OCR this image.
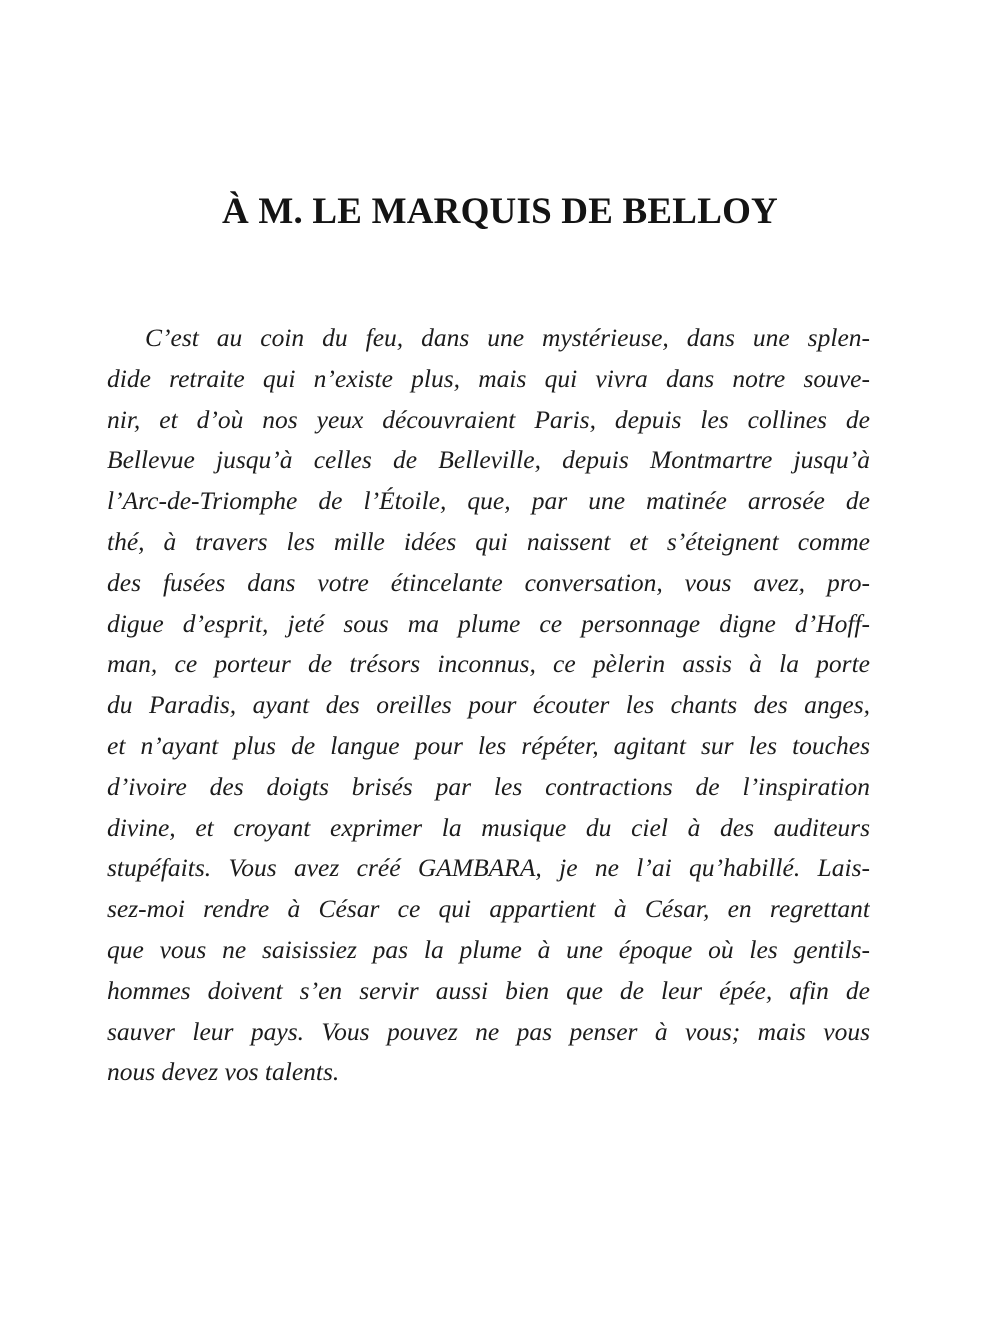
À M. LE MARQUIS DE BELLOY
C’est au coin du feu, dans une mystérieuse, dans une splen-
dide retraite qui n’existe plus, mais qui vivra dans notre souve-
nir, et d’où nos yeux découvraient Paris, depuis les collines de
Bellevue jusqu’à celles de Belleville, depuis Montmartre jusqu’à
l’Arc-de-Triomphe de l’Étoile, que, par une matinée arrosée de
thé, à travers les mille idées qui naissent et s’éteignent comme
des fusées dans votre étincelante conversation, vous avez, pro-
digue d’esprit, jeté sous ma plume ce personnage digne d’Hoff-
man, ce porteur de trésors inconnus, ce pèlerin assis à la porte
du Paradis, ayant des oreilles pour écouter les chants des anges,
et n’ayant plus de langue pour les répéter, agitant sur les touches
d’ivoire des doigts brisés par les contractions de l’inspiration
divine, et croyant exprimer la musique du ciel à des auditeurs
stupéfaits. Vous avez créé GAMBARA, je ne l’ai qu’habillé. Lais-
sez-moi rendre à César ce qui appartient à César, en regrettant
que vous ne saisissiez pas la plume à une époque où les gentils-
hommes doivent s’en servir aussi bien que de leur épée, afin de
sauver leur pays. Vous pouvez ne pas penser à vous; mais vous
nous devez vos talents.
